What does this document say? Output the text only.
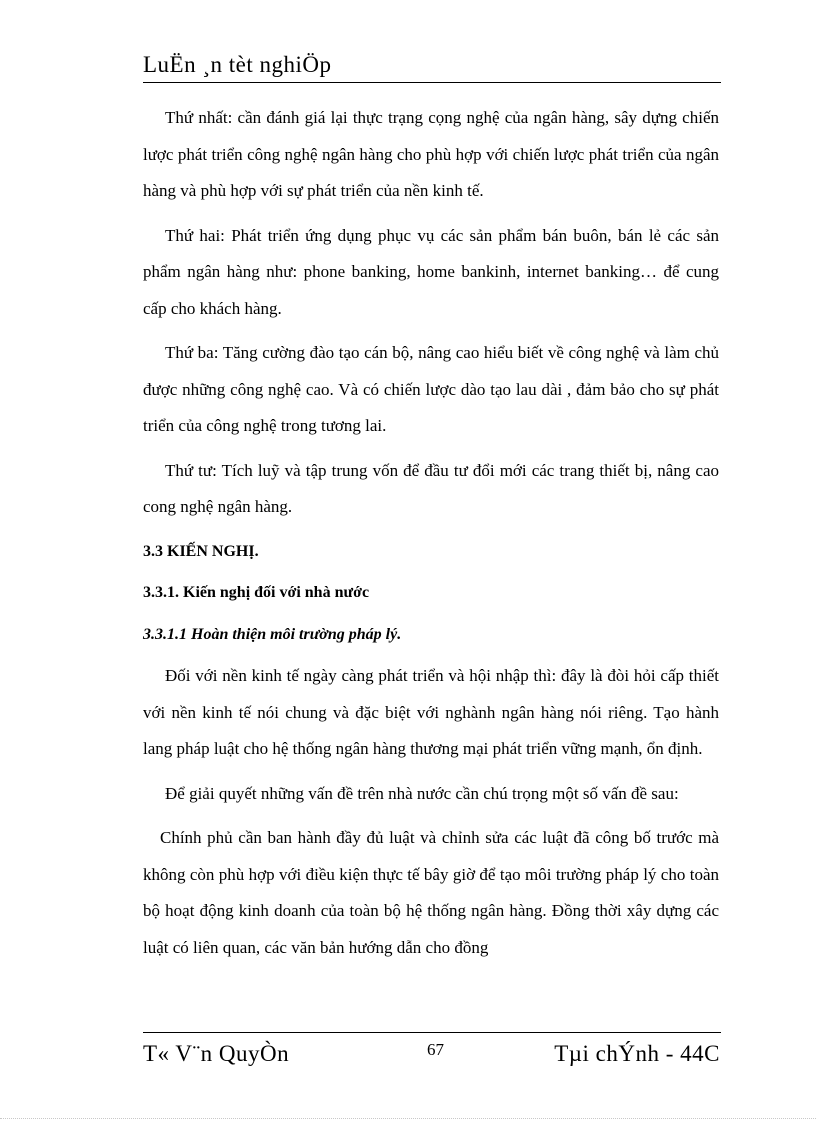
LuËn ¸n tèt nghiÖp

Thứ nhất: cần đánh giá lại thực trạng cọng nghệ của ngân hàng, sây dựng chiến lược phát triển công nghệ ngân hàng cho phù hợp với chiến lược phát triển của ngân hàng và phù hợp với sự phát triển của nền kinh tế.

Thứ hai: Phát triển ứng dụng phục vụ các sản phẩm bán buôn, bán lẻ các sản phẩm ngân hàng như: phone banking, home bankinh, internet banking… để cung cấp cho khách hàng.

Thứ ba: Tăng cường đào tạo cán bộ, nâng cao hiểu biết về công nghệ và làm chủ được những công nghệ cao. Và có chiến lược dào tạo lau dài , đảm bảo cho sự phát triển của công nghệ trong tương lai.

Thứ tư: Tích luỹ và tập trung vốn để đầu tư đổi mới các trang thiết bị, nâng cao cong nghệ ngân hàng.

3.3 KIẾN NGHỊ.
3.3.1. Kiến nghị đối với nhà nước
3.3.1.1 Hoàn thiện môi trường pháp lý.

Đối với nền kinh tế ngày càng phát triển và hội nhập thì: đây là đòi hỏi cấp thiết với nền kinh tế nói chung và đặc biệt với nghành ngân hàng nói riêng. Tạo hành lang pháp luật cho hệ thống ngân hàng thương mại phát triển vững mạnh, ổn định.

Để giải quyết những vấn đề trên nhà nước cần chú trọng một số vấn đề sau:

Chính phủ cần ban hành đầy đủ luật và chỉnh sửa các luật đã công bố trước mà không còn phù hợp với điều kiện thực tế bây giờ để tạo môi trường pháp lý cho toàn bộ hoạt động kinh doanh của toàn bộ hệ thống ngân hàng. Đồng thời xây dựng các luật có liên quan, các văn bản hướng dẫn cho đồng

T« V¨n QuyÒn	67	Tµi chÝnh - 44C
